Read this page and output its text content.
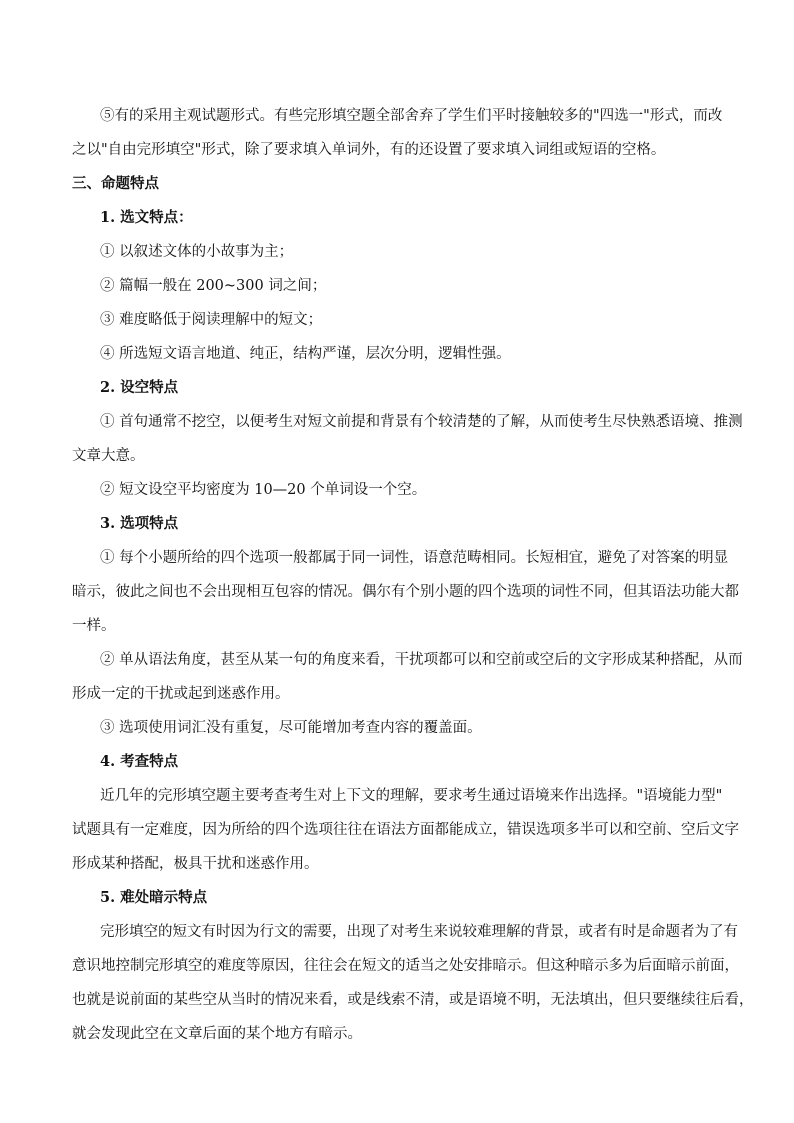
⑤有的采用主观试题形式。有些完形填空题全部舍弃了学生们平时接触较多的"四选一"形式，而改
之以"自由完形填空"形式，除了要求填入单词外，有的还设置了要求填入词组或短语的空格。
三、命题特点
1. 选文特点：
① 以叙述文体的小故事为主；
② 篇幅一般在 200~300 词之间；
③ 难度略低于阅读理解中的短文；
④ 所选短文语言地道、纯正，结构严谨，层次分明，逻辑性强。
2. 设空特点
① 首句通常不挖空，以便考生对短文前提和背景有个较清楚的了解，从而使考生尽快熟悉语境、推测
文章大意。
② 短文设空平均密度为 10—20 个单词设一个空。
3. 选项特点
① 每个小题所给的四个选项一般都属于同一词性，语意范畴相同。长短相宜，避免了对答案的明显
暗示，彼此之间也不会出现相互包容的情况。偶尔有个别小题的四个选项的词性不同，但其语法功能大都
一样。
② 单从语法角度，甚至从某一句的角度来看，干扰项都可以和空前或空后的文字形成某种搭配，从而
形成一定的干扰或起到迷惑作用。
③ 选项使用词汇没有重复，尽可能增加考查内容的覆盖面。
4. 考查特点
近几年的完形填空题主要考查考生对上下文的理解，要求考生通过语境来作出选择。"语境能力型"
试题具有一定难度，因为所给的四个选项往往在语法方面都能成立，错误选项多半可以和空前、空后文字
形成某种搭配，极具干扰和迷惑作用。
5. 难处暗示特点
完形填空的短文有时因为行文的需要，出现了对考生来说较难理解的背景，或者有时是命题者为了有
意识地控制完形填空的难度等原因，往往会在短文的适当之处安排暗示。但这种暗示多为后面暗示前面，
也就是说前面的某些空从当时的情况来看，或是线索不清，或是语境不明，无法填出，但只要继续往后看，
就会发现此空在文章后面的某个地方有暗示。
